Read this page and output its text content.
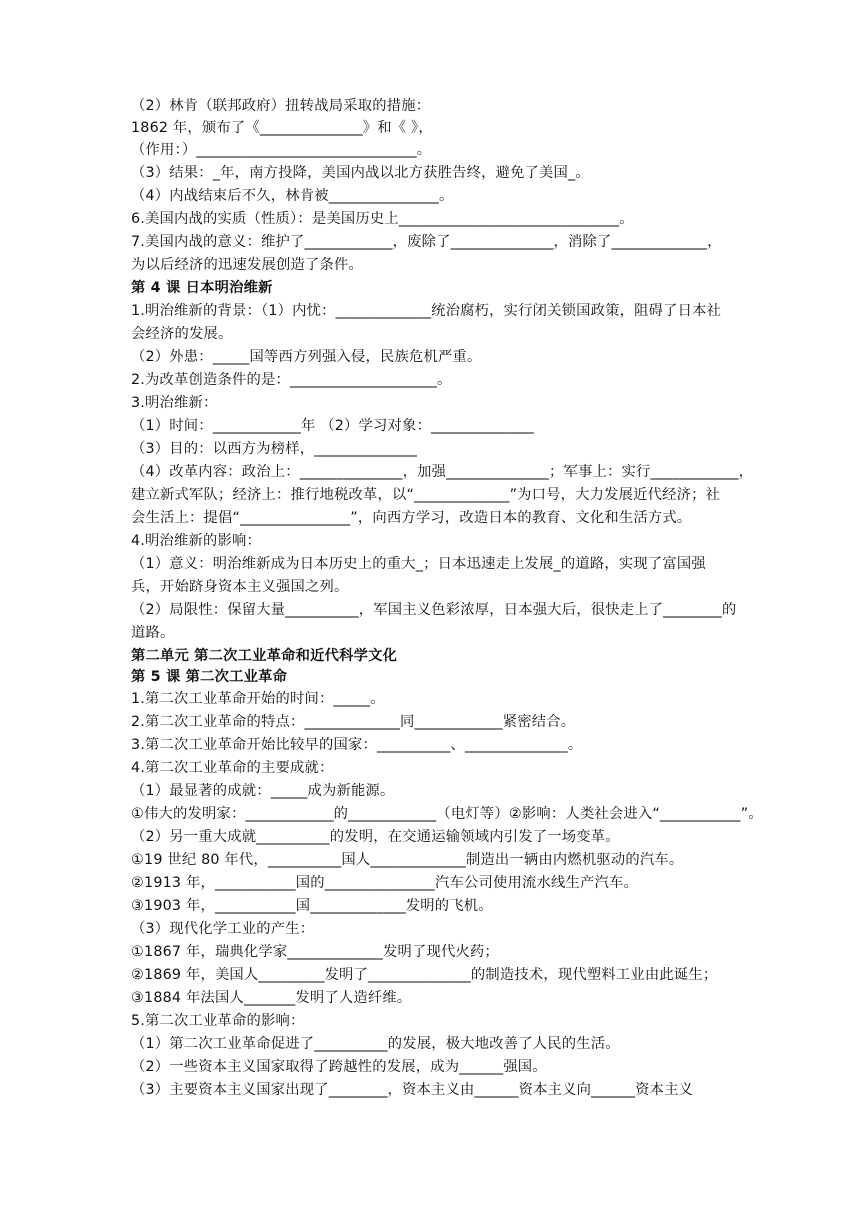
（2）林肯（联邦政府）扭转战局采取的措施：
1862 年，颁布了《______________》和《 》，
（作用：）______________________________。
（3）结果：_年，南方投降，美国内战以北方获胜告终，避免了美国_。
（4）内战结束后不久，林肯被_______________。
6.美国内战的实质（性质）：是美国历史上______________________________。
7.美国内战的意义：维护了____________，废除了______________，消除了_____________，
为以后经济的迅速发展创造了条件。
第 4 课 日本明治维新
1.明治维新的背景：（1）内忧：_____________统治腐朽，实行闭关锁国政策，阻碍了日本社
会经济的发展。
（2）外患：_____国等西方列强入侵，民族危机严重。
2.为改革创造条件的是：____________________。
3.明治维新：
（1）时间：____________年 （2）学习对象：______________
（3）目的：以西方为榜样，______________
（4）改革内容：政治上：______________，加强______________；军事上：实行____________，
建立新式军队；经济上：推行地税改革，以“_____________”为口号，大力发展近代经济；社
会生活上：提倡“_______________”，向西方学习，改造日本的教育、文化和生活方式。
4.明治维新的影响：
（1）意义：明治维新成为日本历史上的重大_；日本迅速走上发展_的道路，实现了富国强
兵，开始跻身资本主义强国之列。
（2）局限性：保留大量__________，军国主义色彩浓厚，日本强大后，很快走上了________的
道路。
第二单元 第二次工业革命和近代科学文化
第 5 课 第二次工业革命
1.第二次工业革命开始的时间：_____。
2.第二次工业革命的特点：_____________同____________紧密结合。
3.第二次工业革命开始比较早的国家：__________、______________。
4.第二次工业革命的主要成就：
（1）最显著的成就：_____成为新能源。
①伟大的发明家：____________的____________（电灯等）②影响：人类社会进入“___________”。
（2）另一重大成就__________的发明，在交通运输领域内引发了一场变革。
①19 世纪 80 年代，__________国人_____________制造出一辆由内燃机驱动的汽车。
②1913 年，___________国的_______________汽车公司使用流水线生产汽车。
③1903 年，___________国_____________发明的飞机。
（3）现代化学工业的产生：
①1867 年，瑞典化学家_____________发明了现代火药；
②1869 年，美国人_________发明了______________的制造技术，现代塑料工业由此诞生；
③1884 年法国人_______发明了人造纤维。
5.第二次工业革命的影响：
（1）第二次工业革命促进了__________的发展，极大地改善了人民的生活。
（2）一些资本主义国家取得了跨越性的发展，成为______强国。
（3）主要资本主义国家出现了________，资本主义由______资本主义向______资本主义
